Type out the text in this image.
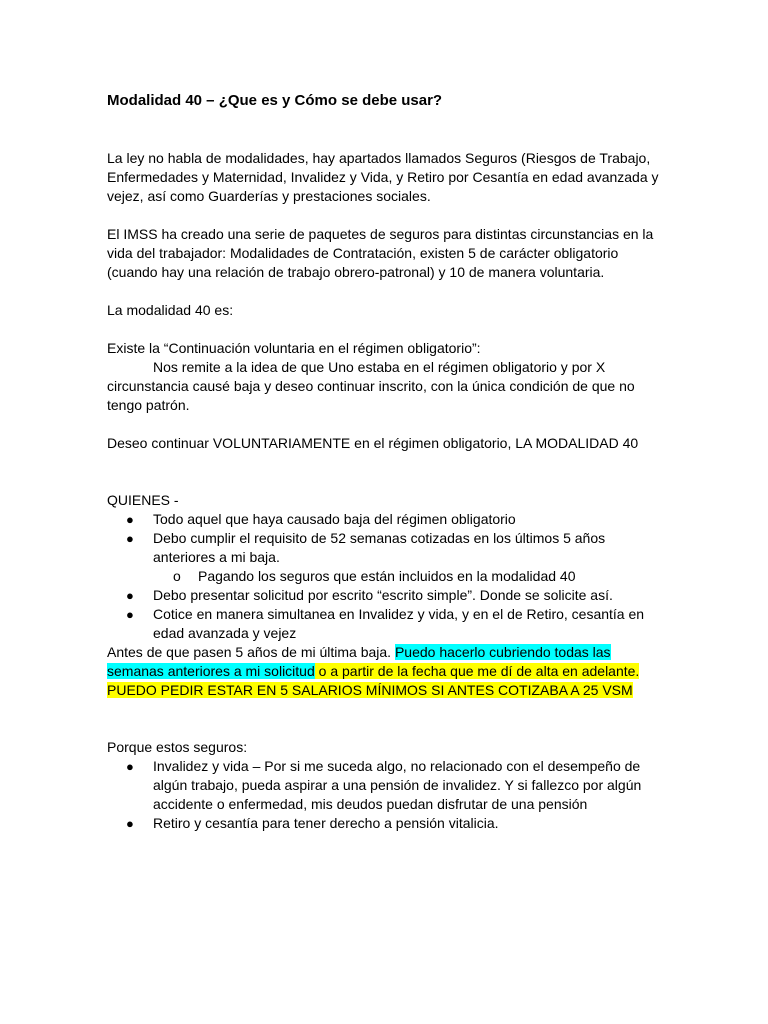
Modalidad 40 – ¿Que es y Cómo se debe usar?

La ley no habla de modalidades, hay apartados llamados Seguros (Riesgos de Trabajo, Enfermedades y Maternidad, Invalidez y Vida, y Retiro por Cesantía en edad avanzada y vejez, así como Guarderías y prestaciones sociales.

El IMSS ha creado una serie de paquetes de seguros para distintas circunstancias en la vida del trabajador: Modalidades de Contratación, existen 5 de carácter obligatorio (cuando hay una relación de trabajo obrero-patronal) y 10 de manera voluntaria.

La modalidad 40 es:

Existe la “Continuación voluntaria en el régimen obligatorio”:

Nos remite a la idea de que Uno estaba en el régimen obligatorio y por X circunstancia causé baja y deseo continuar inscrito, con la única condición de que no tengo patrón.

Deseo continuar VOLUNTARIAMENTE en el régimen obligatorio, LA MODALIDAD 40

QUIENES -

● Todo aquel que haya causado baja del régimen obligatorio
● Debo cumplir el requisito de 52 semanas cotizadas en los últimos 5 años anteriores a mi baja.
o Pagando los seguros que están incluidos en la modalidad 40
● Debo presentar solicitud por escrito “escrito simple”. Donde se solicite así.
● Cotice en manera simultanea en Invalidez y vida, y en el de Retiro, cesantía en edad avanzada y vejez

Antes de que pasen 5 años de mi última baja. Puedo hacerlo cubriendo todas las semanas anteriores a mi solicitud o a partir de la fecha que me dí de alta en adelante.

PUEDO PEDIR ESTAR EN 5 SALARIOS MÍNIMOS SI ANTES COTIZABA A 25 VSM

Porque estos seguros:

● Invalidez y vida – Por si me suceda algo, no relacionado con el desempeño de algún trabajo, pueda aspirar a una pensión de invalidez. Y si fallezco por algún accidente o enfermedad, mis deudos puedan disfrutar de una pensión
● Retiro y cesantía para tener derecho a pensión vitalicia.
